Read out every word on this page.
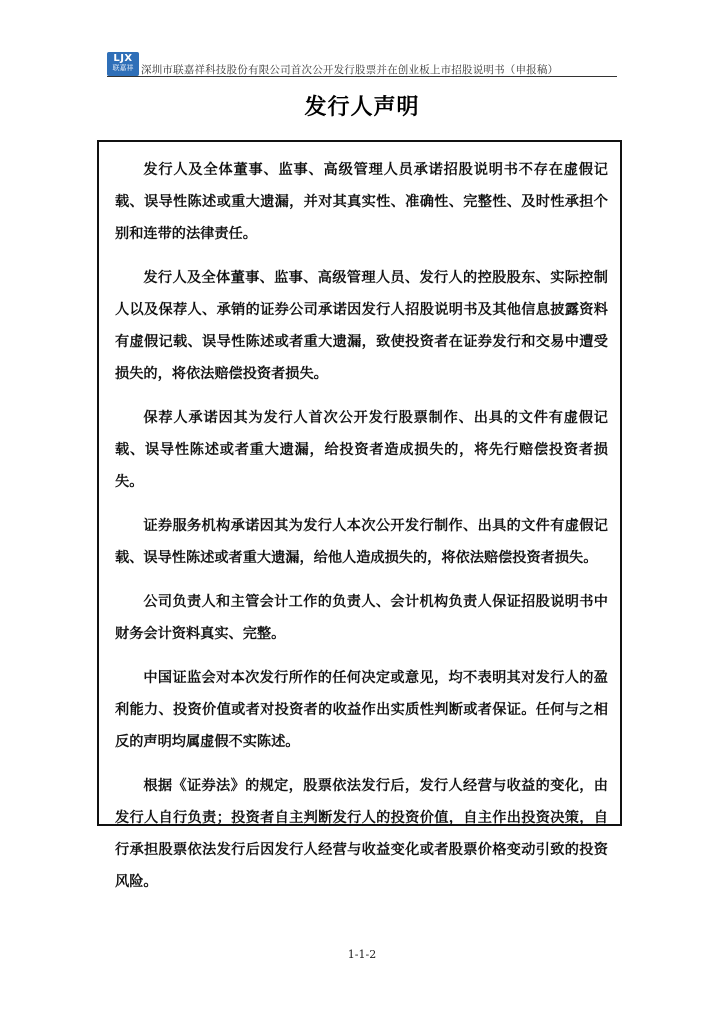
LJX
联嘉祥 深圳市联嘉祥科技股份有限公司首次公开发行股票并在创业板上市招股说明书（申报稿）
发行人声明

发行人及全体董事、监事、高级管理人员承诺招股说明书不存在虚假记载、误导性陈述或重大遗漏，并对其真实性、准确性、完整性、及时性承担个别和连带的法律责任。

发行人及全体董事、监事、高级管理人员、发行人的控股股东、实际控制人以及保荐人、承销的证券公司承诺因发行人招股说明书及其他信息披露资料有虚假记载、误导性陈述或者重大遗漏，致使投资者在证券发行和交易中遭受损失的，将依法赔偿投资者损失。

保荐人承诺因其为发行人首次公开发行股票制作、出具的文件有虚假记载、误导性陈述或者重大遗漏，给投资者造成损失的，将先行赔偿投资者损失。

证券服务机构承诺因其为发行人本次公开发行制作、出具的文件有虚假记载、误导性陈述或者重大遗漏，给他人造成损失的，将依法赔偿投资者损失。

公司负责人和主管会计工作的负责人、会计机构负责人保证招股说明书中财务会计资料真实、完整。

中国证监会对本次发行所作的任何决定或意见，均不表明其对发行人的盈利能力、投资价值或者对投资者的收益作出实质性判断或者保证。任何与之相反的声明均属虚假不实陈述。

根据《证券法》的规定，股票依法发行后，发行人经营与收益的变化，由发行人自行负责；投资者自主判断发行人的投资价值，自主作出投资决策，自行承担股票依法发行后因发行人经营与收益变化或者股票价格变动引致的投资风险。

1-1-2
